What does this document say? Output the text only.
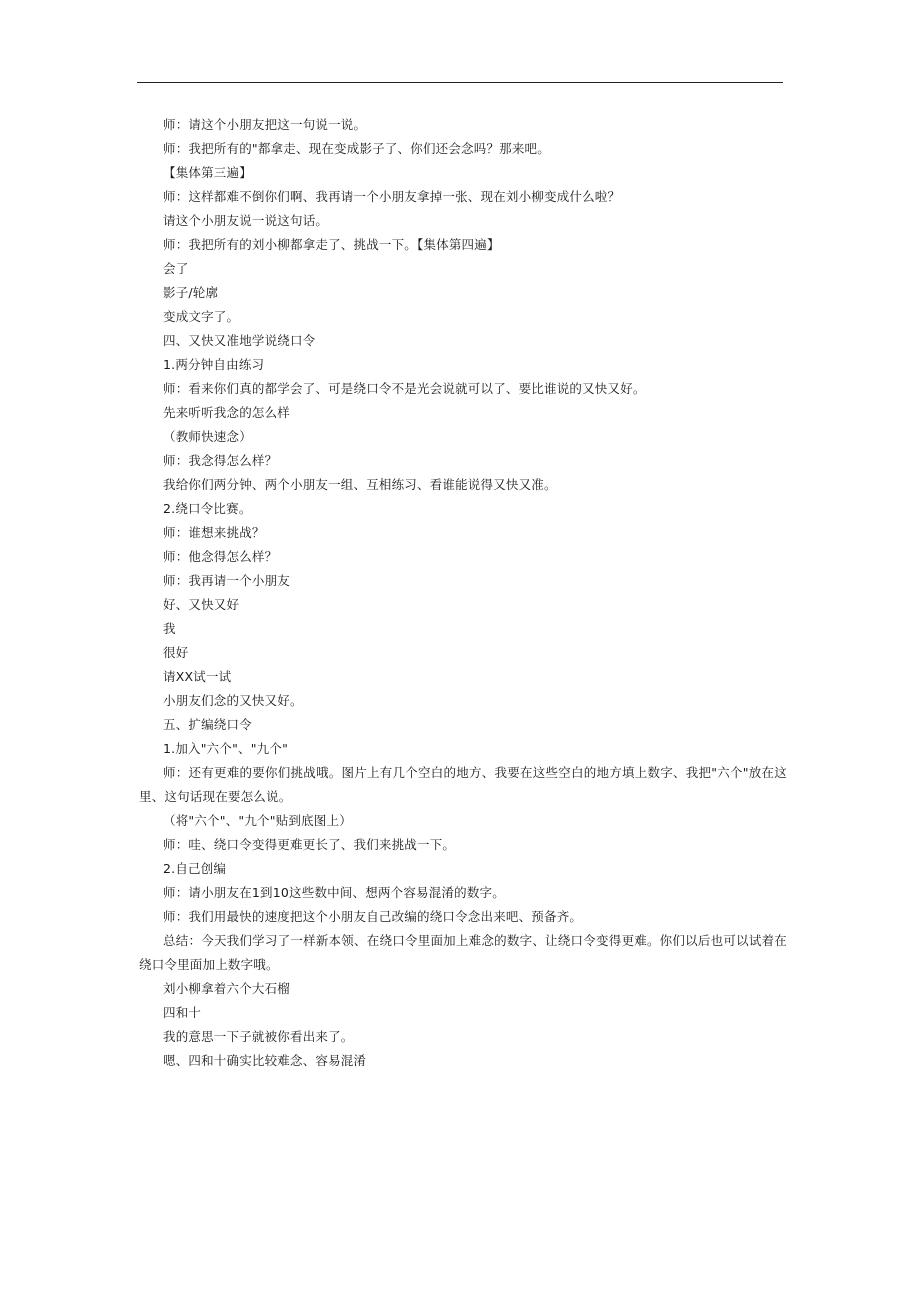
师：请这个小朋友把这一句说一说。
师：我把所有的"都拿走、现在变成影子了、你们还会念吗？那来吧。
【集体第三遍】
师：这样都难不倒你们啊、我再请一个小朋友拿掉一张、现在刘小柳变成什么啦？
请这个小朋友说一说这句话。
师：我把所有的刘小柳都拿走了、挑战一下。【集体第四遍】
会了
影子/轮廓
变成文字了。
四、又快又准地学说绕口令
1.两分钟自由练习
师：看来你们真的都学会了、可是绕口令不是光会说就可以了、要比谁说的又快又好。
先来听听我念的怎么样
（教师快速念）
师：我念得怎么样？
我给你们两分钟、两个小朋友一组、互相练习、看谁能说得又快又准。
2.绕口令比赛。
师：谁想来挑战？
师：他念得怎么样？
师：我再请一个小朋友
好、又快又好
我
很好
请XX试一试
小朋友们念的又快又好。
五、扩编绕口令
1.加入"六个"、"九个"
师：还有更难的要你们挑战哦。图片上有几个空白的地方、我要在这些空白的地方填上数字、我把"六个"放在这里、这句话现在要怎么说。
（将"六个"、"九个"贴到底图上）
师：哇、绕口令变得更难更长了、我们来挑战一下。
2.自己创编
师：请小朋友在1到10这些数中间、想两个容易混淆的数字。
师：我们用最快的速度把这个小朋友自己改编的绕口令念出来吧、预备齐。
总结：今天我们学习了一样新本领、在绕口令里面加上难念的数字、让绕口令变得更难。你们以后也可以试着在绕口令里面加上数字哦。
刘小柳拿着六个大石榴
四和十
我的意思一下子就被你看出来了。
嗯、四和十确实比较难念、容易混淆
